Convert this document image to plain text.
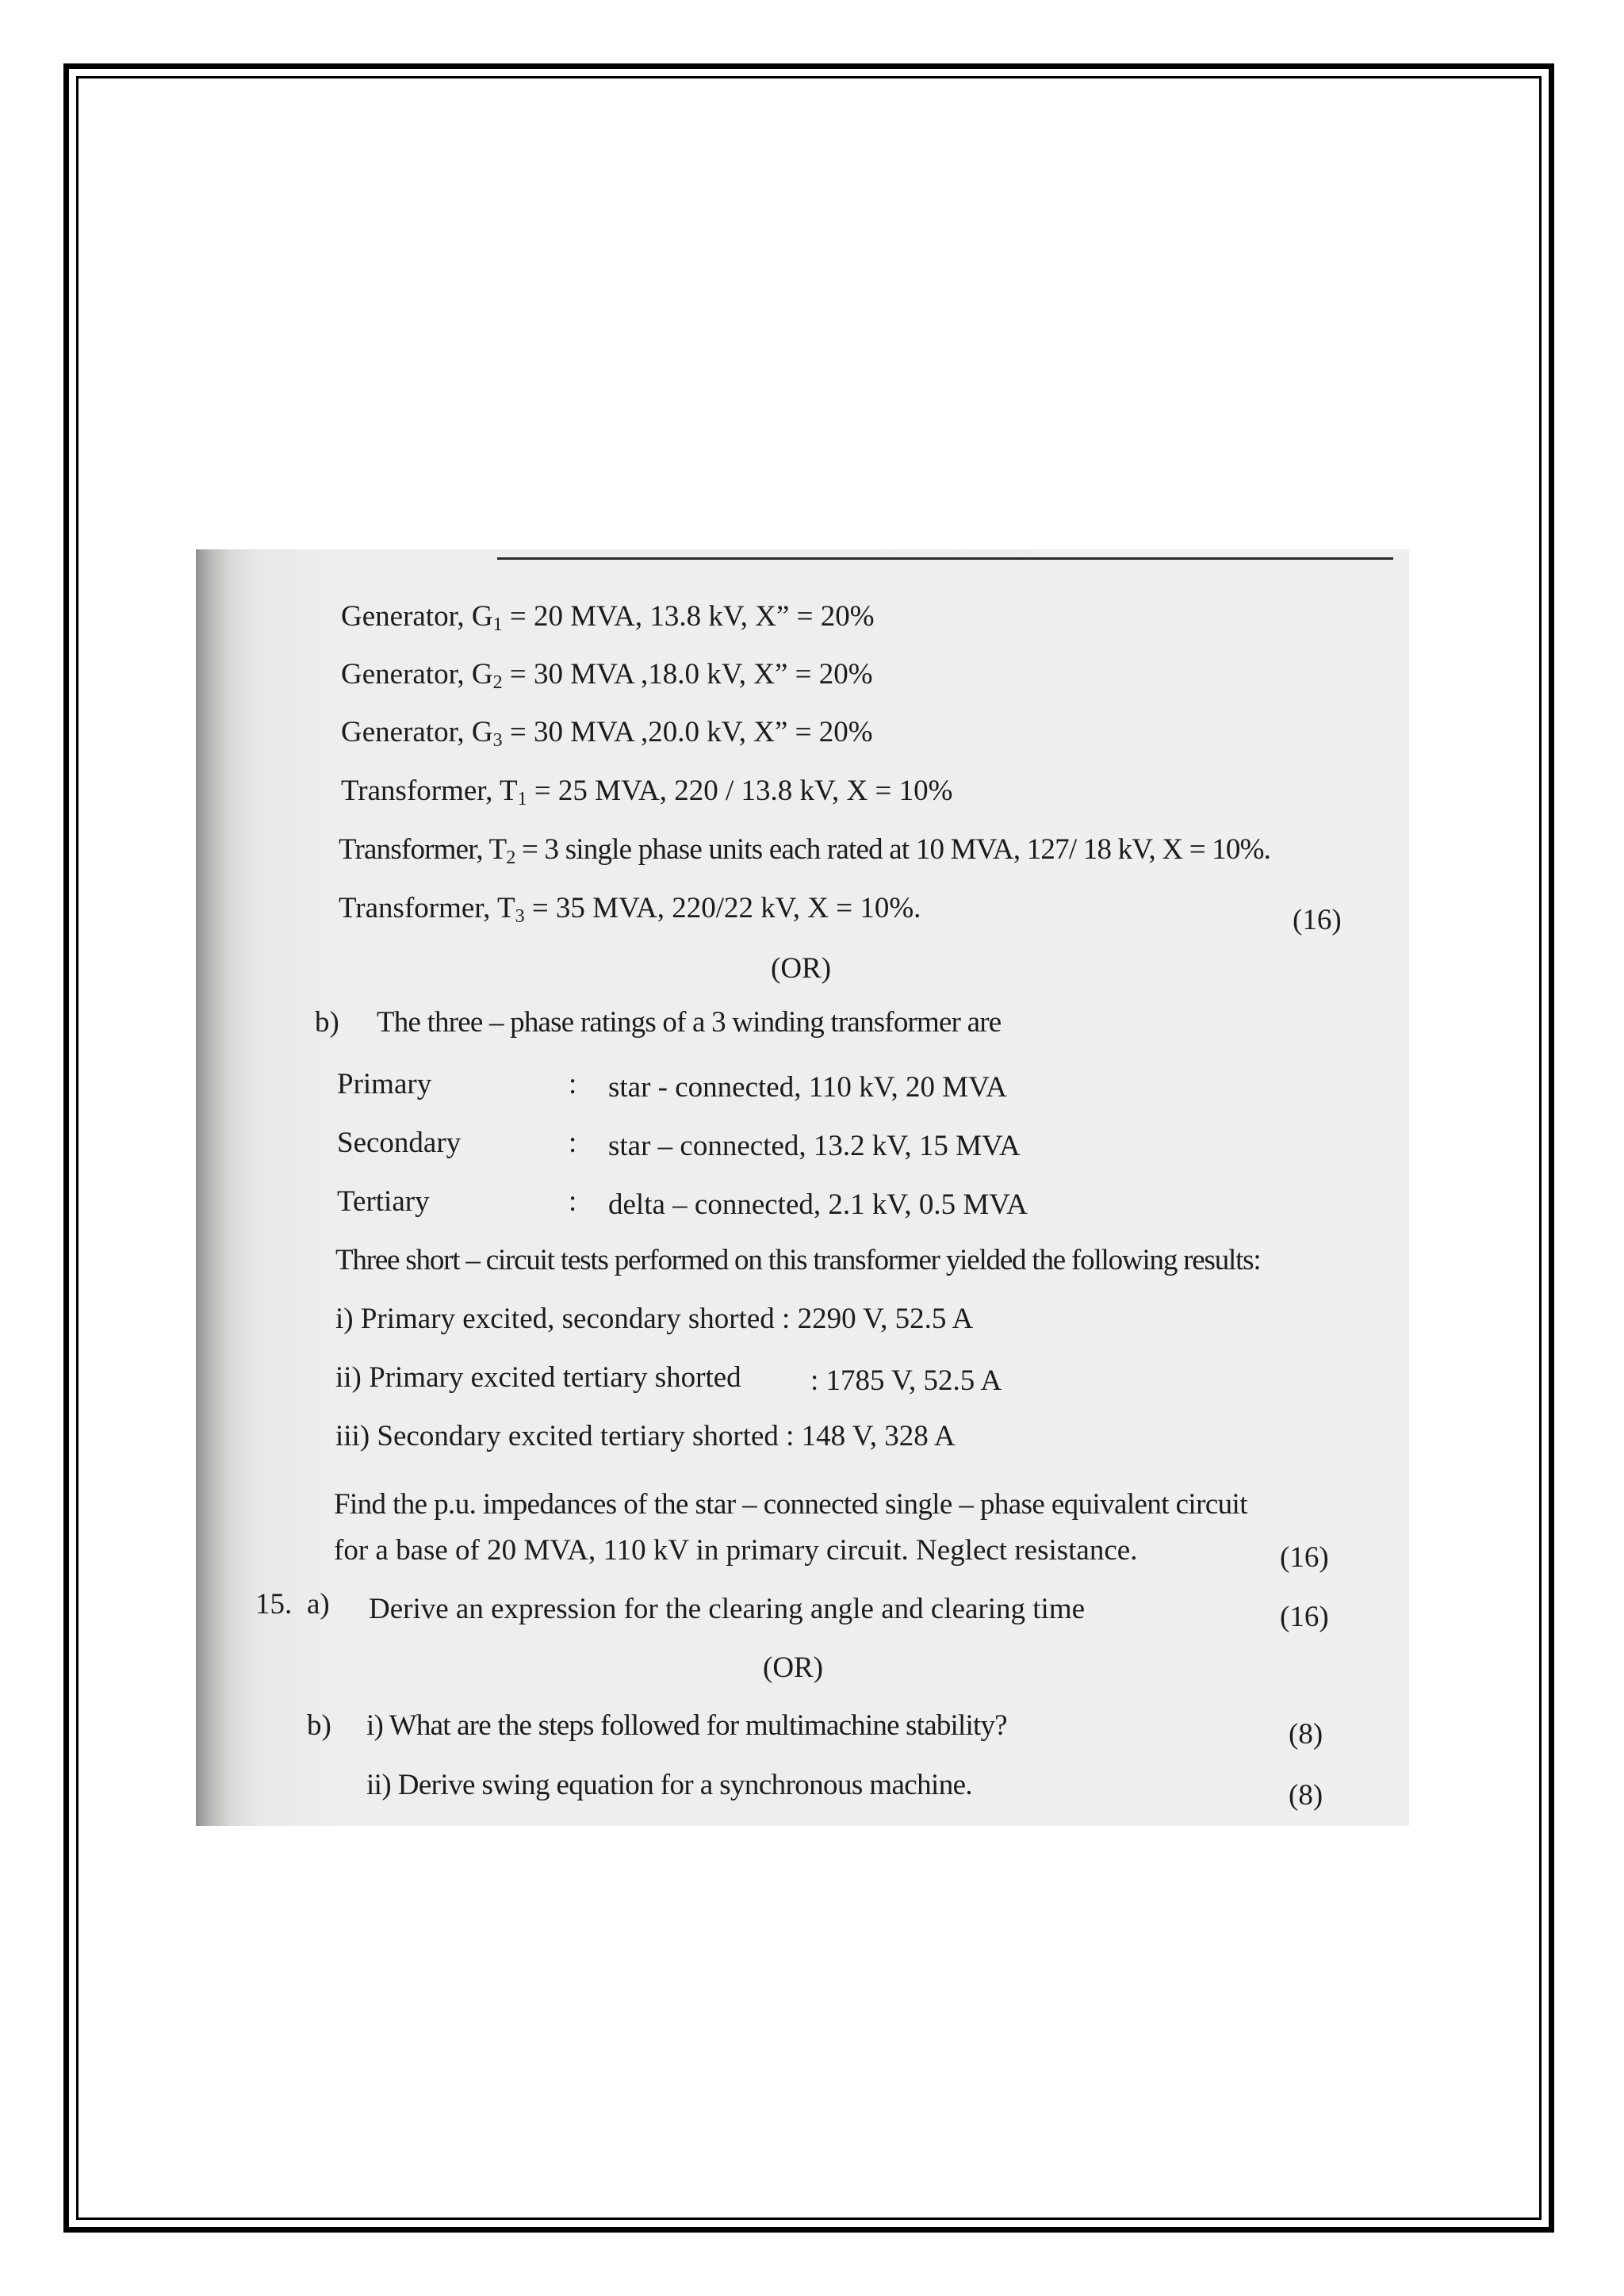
Generator, $G_1 = 20$ MVA, 13.8 kV, X” = 20%
Generator, $G_2 = 30$ MVA ,18.0 kV, X” = 20%
Generator, $G_3 = 30$ MVA ,20.0 kV, X” = 20%
Transformer, $T_1 = 25$ MVA, 220 / 13.8 kV, X = 10%
Transformer, $T_2 = 3$ single phase units each rated at 10 MVA, 127/ 18 kV, X = 10%.
Transformer, $T_3 = 35$ MVA, 220/22 kV, X = 10%.	(16)
(OR)
b) The three – phase ratings of a 3 winding transformer are
Primary	: star - connected, 110 kV, 20 MVA
Secondary	: star – connected, 13.2 kV, 15 MVA
Tertiary	: delta – connected, 2.1 kV, 0.5 MVA
Three short – circuit tests performed on this transformer yielded the following results:
i) Primary excited, secondary shorted : 2290 V, 52.5 A
ii) Primary excited tertiary shorted : 1785 V, 52.5 A
iii) Secondary excited tertiary shorted : 148 V, 328 A
Find the p.u. impedances of the star – connected single – phase equivalent circuit
for a base of 20 MVA, 110 kV in primary circuit. Neglect resistance.	(16)
15. a) Derive an expression for the clearing angle and clearing time	(16)
(OR)
b) i) What are the steps followed for multimachine stability?	(8)
ii) Derive swing equation for a synchronous machine.	(8)
